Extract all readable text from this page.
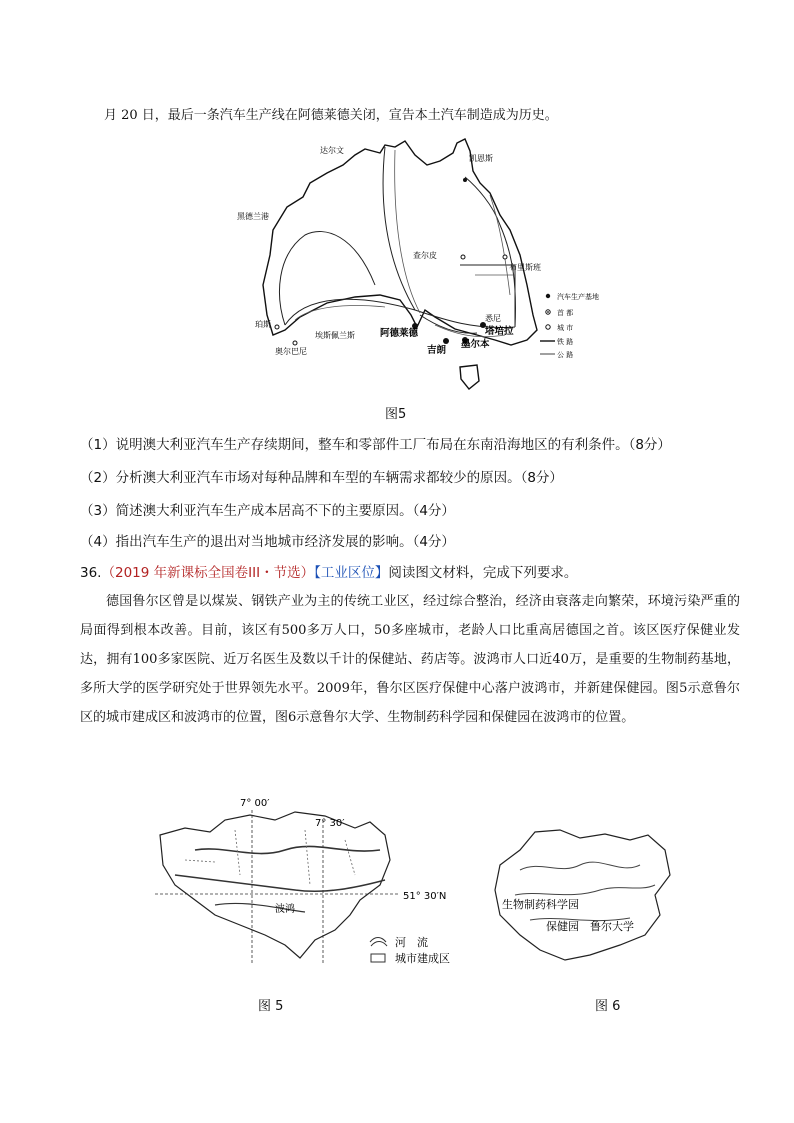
月 20 日，最后一条汽车生产线在阿德莱德关闭，宣告本土汽车制造成为历史。
达尔文
凯恩斯
黑德兰港
查尔皮
布里斯班
珀斯
奥尔巴尼
埃斯佩兰斯	阿德莱德
吉朗
墨尔本
悉尼
塔培拉
汽车生产基地
首 都
城 市
铁 路
公 路
图5
（1）说明澳大利亚汽车生产存续期间，整车和零部件工厂布局在东南沿海地区的有利条件。（8分）
（2）分析澳大利亚汽车市场对每种品牌和车型的车辆需求都较少的原因。（8分）
（3）简述澳大利亚汽车生产成本居高不下的主要原因。（4分）
（4）指出汽车生产的退出对当地城市经济发展的影响。（4分）
36.（2019 年新课标全国卷III・节选）【工业区位】阅读图文材料，完成下列要求。
德国鲁尔区曾是以煤炭、钢铁产业为主的传统工业区，经过综合整治，经济由衰落走向繁荣，环境污染严重的局面得到根本改善。目前，该区有500多万人口，50多座城市，老龄人口比重高居德国之首。该区医疗保健业发达，拥有100多家医院、近万名医生及数以千计的保健站、药店等。波鸿市人口近40万，是重要的生物制药基地，多所大学的医学研究处于世界领先水平。2009年，鲁尔区医疗保健中心落户波鸿市，并新建保健园。图5示意鲁尔区的城市建成区和波鸿市的位置，图6示意鲁尔大学、生物制药科学园和保健园在波鸿市的位置。
7° 00′
7° 30′
51° 30′N
波鸿
河　流
城市建成区
生物制药科学园
保健园 鲁尔大学
图 5	图 6
